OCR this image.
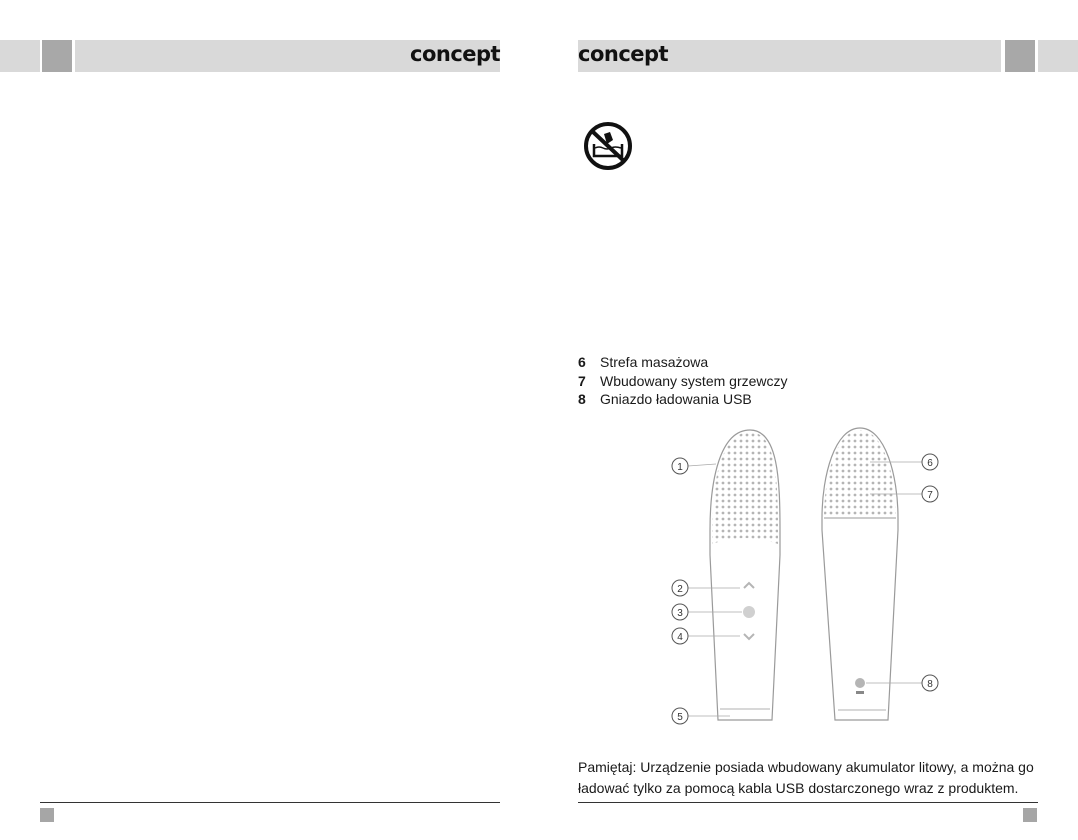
concept	concept
6 Strefa masażowa
7 Wbudowany system grzewczy
8 Gniazdo ładowania USB
1
2
3
4
5
6
7
8
Pamiętaj: Urządzenie posiada wbudowany akumulator litowy, a można go
ładować tylko za pomocą kabla USB dostarczonego wraz z produktem.
